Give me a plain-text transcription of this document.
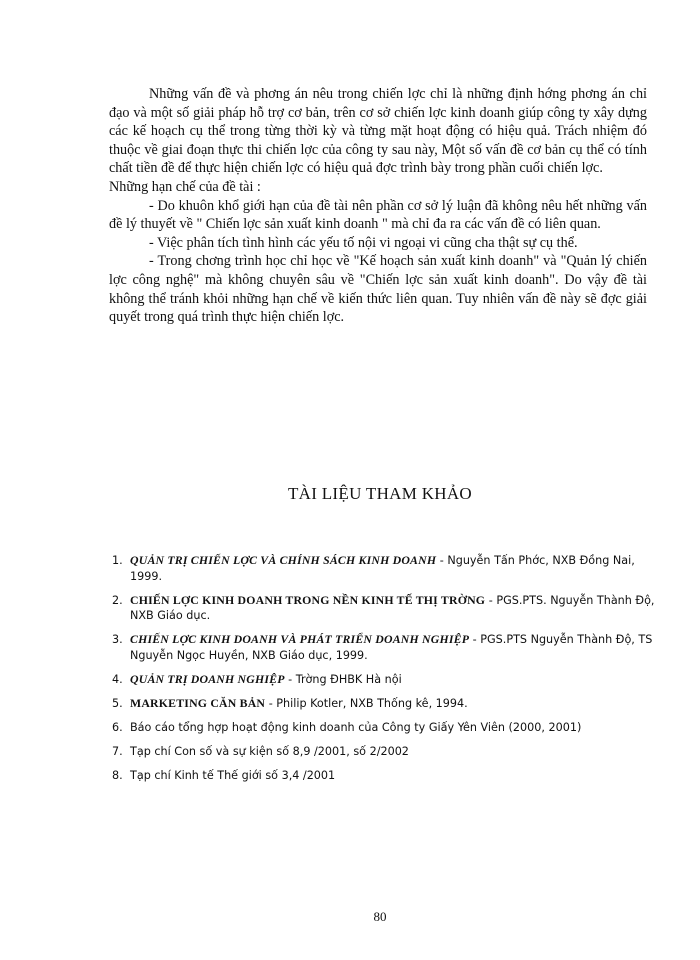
Những vấn đề và phơng án nêu trong chiến lợc chỉ là những định hớng phơng án chỉ đạo và một số giải pháp hỗ trợ cơ bản, trên cơ sở chiến lợc kinh doanh giúp công ty xây dựng các kế hoạch cụ thể trong từng thời kỳ và từng mặt hoạt động có hiệu quả. Trách nhiệm đó thuộc về giai đoạn thực thi chiến lợc của công ty sau này, Một số vấn đề cơ bản cụ thể có tính chất tiền đề để thực hiện chiến lợc có hiệu quả đợc trình bày trong phần cuối chiến lợc.

Những hạn chế của đề tài :

- Do khuôn khổ giới hạn của đề tài nên phần cơ sở lý luận đã không nêu hết những vấn đề lý thuyết về " Chiến lợc sản xuất kinh doanh " mà chỉ đa ra các vấn đề có liên quan.

- Việc phân tích tình hình các yếu tố nội vi ngoại vi cũng cha thật sự cụ thể.

- Trong chơng trình học chỉ học về "Kế hoạch sản xuất kinh doanh" và "Quản lý chiến lợc công nghệ" mà không chuyên sâu về "Chiến lợc sản xuất kinh doanh". Do vậy đề tài không thể tránh khỏi những hạn chế về kiến thức liên quan. Tuy nhiên vấn đề này sẽ đợc giải quyết trong quá trình thực hiện chiến lợc.

TÀI LIỆU THAM KHẢO
1. QUẢN TRỊ CHIẾN LỢC VÀ CHÍNH SÁCH KINH DOANH - Nguyễn Tấn Phớc, NXB Đồng Nai, 1999.
2. CHIẾN LỢC KINH DOANH TRONG NỀN KINH TẾ THỊ TRỜNG - PGS.PTS. Nguyễn Thành Độ, NXB Giáo dục.
3. CHIẾN LỢC KINH DOANH VÀ PHÁT TRIỂN DOANH NGHIỆP - PGS.PTS Nguyễn Thành Độ, TS Nguyễn Ngọc Huyền, NXB Giáo dục, 1999.
4. QUẢN TRỊ DOANH NGHIỆP - Trờng ĐHBK Hà nội
5. MARKETING CĂN BẢN - Philip Kotler, NXB Thống kê, 1994.
6. Báo cáo tổng hợp hoạt động kinh doanh của Công ty Giấy Yên Viên (2000, 2001)
7. Tạp chí Con số và sự kiện số 8,9 /2001, số 2/2002
8. Tạp chí Kinh tế Thế giới số 3,4 /2001
80
